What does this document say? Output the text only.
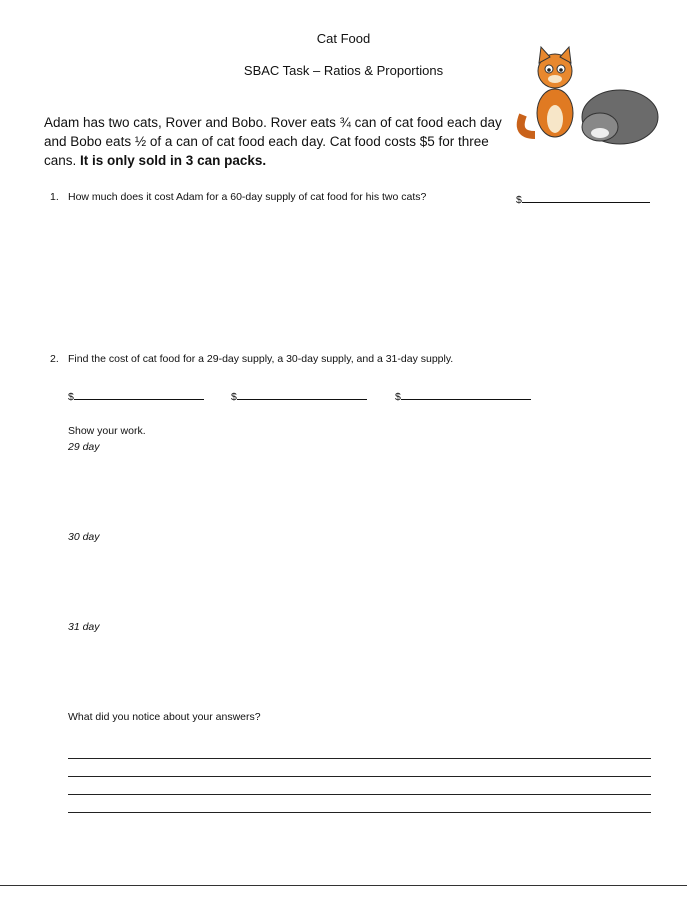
Cat Food
SBAC Task – Ratios & Proportions
Adam has two cats, Rover and Bobo. Rover eats ¾ can of cat food each day and Bobo eats ½ of a can of cat food each day. Cat food costs $5 for three cans. It is only sold in 3 can packs.
1. How much does it cost Adam for a 60-day supply of cat food for his two cats?	$
2. Find the cost of cat food for a 29-day supply, a 30-day supply, and a 31-day supply.
$	$	$
Show your work.
29 day
30 day
31 day
What did you notice about your answers?
